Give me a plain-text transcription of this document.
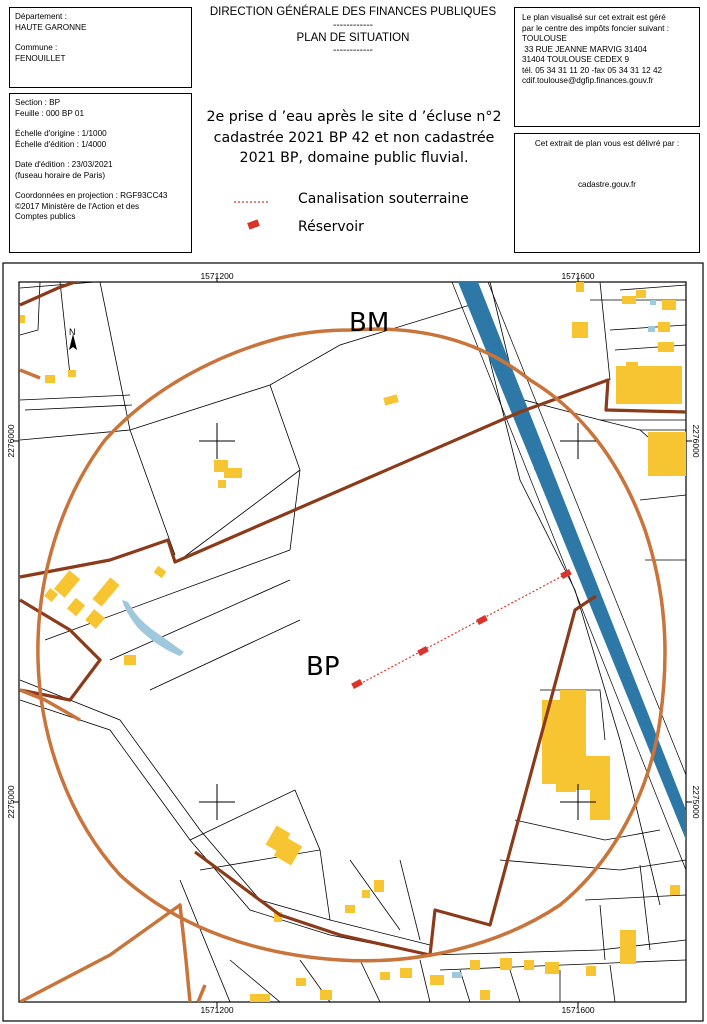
Département :
HAUTE GARONNE
Commune :
FENOUILLET
DIRECTION GÉNÉRALE DES FINANCES PUBLIQUES
------------
PLAN DE SITUATION
------------
Le plan visualisé sur cet extrait est géré
par le centre des impôts foncier suivant :
TOULOUSE
33 RUE JEANNE MARVIG 31404
31404 TOULOUSE CEDEX 9
tél. 05 34 31 11 20 -fax 05 34 31 12 42
cdif.toulouse@dgfip.finances.gouv.fr
Section : BP
Feuille : 000 BP 01
Échelle d'origine : 1/1000
Échelle d'édition : 1/4000
Date d'édition : 23/03/2021
(fuseau horaire de Paris)
Coordonnées en projection : RGF93CC43
©2017 Ministère de l'Action et des
Comptes publics
2e prise d ’eau après le site d ’écluse n°2
cadastrée 2021 BP 42 et non cadastrée
2021 BP, domaine public fluvial.
Canalisation souterraine
Réservoir
Cet extrait de plan vous est délivré par :
cadastre.gouv.fr
1571200	1571600
1571200	1571600
2276000
2275000
2276000
2275000
BM
BP
N
